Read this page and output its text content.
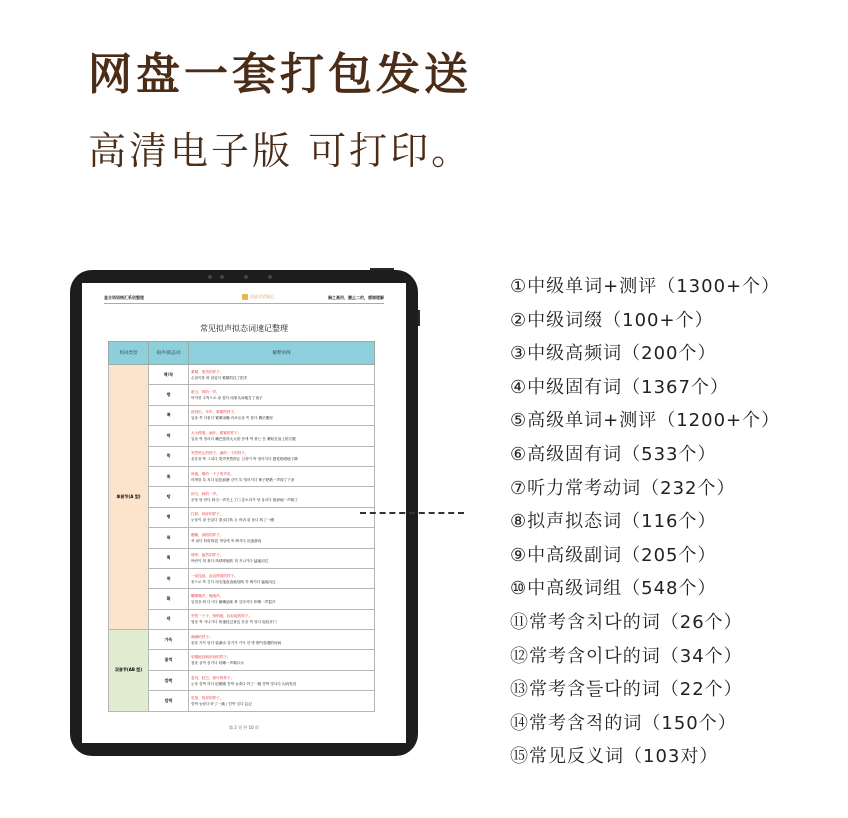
网盘一套打包发送
高清电子版 可打印。
查合语语格汇系创整理	语品学语笔记	胸之高用，腰止二的，感谢理解
常见拟声拟态词速记整理
构词类型	拟声/拟态词	解释举例
单音节(A 型)	꽉/꼭	紧紧，使劲的样子。
손잡이를 꽉 잡았다 紧紧的住了把手

	쾅	咣当，碎的一声。
탁자를 주먹으로 쾅 쳤다 用拳头砰地打了桌子

	쏙	使劲出，牢牢，紧紧的样子。
입을 쏙 다물다 紧紧闭嘴 과료들을 쏙 찾다 偶后搬里

	딱	大大伸展，扁开，紧紧的样子。
입을 딱 벌리다 嘴巴张得大大的 몸에 딱 붙는 옷 紧贴在身上的衣服

	뚝	突然停止的样子，滴的一下的样子。
울음을 뚝 그치다 哭声突然停止 심장이 뚝 떨어지다 感觉咯噔地下降

	톡	碎地，啪的一下子的声音。
어깨를 톡 치다 轻拍肩膀 감이 톡 떨어지다 柿子吧嗒一声掉了下来

	탕	砰当，碎的一声。
문을 탕 닫다 砰当一声关上了门 총소리가 탕 울리다 枪砰地一声响了

	펑	打碎，砰砰的样子。
눈물이 펑 솟았다 泪水打转 돈 바퀴 펑 돌다 转了一圈

	푹	酣睡，深陷的样子。
푹 쉬다 好好休息 게임에 푹 빠지다 沉迷游戏

	휙	呼呼，猛然的样子。
바람이 휙 불다 风呼呼地吹 휙 지나가다 猛地闪过

	쑥	一直连续，直直伸展的样子。
잣으로 쑥 깃다 用毛笔直直地划线 쑥 빠지다 猛地闪过

	확	唰嘶嘶声，嗡嗡声。
입맛을 확 다시다 咂嘴品味 확 갈라지다 咔嚓一声裂开

	싹	突然一下子，悄悄地，轻轻地的样子。
옆을 싹 지나가다 快速经过身边 문을 싹 열다 轻轻开门

双音节(AB 型)	가득	满满的样子。
물을 가득 담다 装满水 얼거가 가득 한 방 烟气弥漫的房间

	꿀꺽	咕噜地吞咽东西的样子。
침을 꿀꺽 삼키다 咕嘟一声咽口水

	깜짝	忽闪，眨巴，惊吓的样子。
눈을 깜짝 하다 眨眼睛 깜짝 놀출다 吓了一跳 깜짝 빛나다 闪闪发亮

	깜박	吃惊，惊异的样子。
깜짝 놀랐다 吓了一跳 / 깜박 잊다 忘记
第 2 页 共 10 页
①中级单词+测评（1300+个）
②中级词缀（100+个）
③中级高频词（200个）
④中级固有词（1367个）
⑤高级单词+测评（1200+个）
⑥高级固有词（533个）
⑦听力常考动词（232个）
⑧拟声拟态词（116个）
⑨中高级副词（205个）
⑩中高级词组（548个）
⑪常考含치다的词（26个）
⑫常考含이다的词（34个）
⑬常考含들다的词（22个）
⑭常考含적的词（150个）
⑮常见反义词（103对）
